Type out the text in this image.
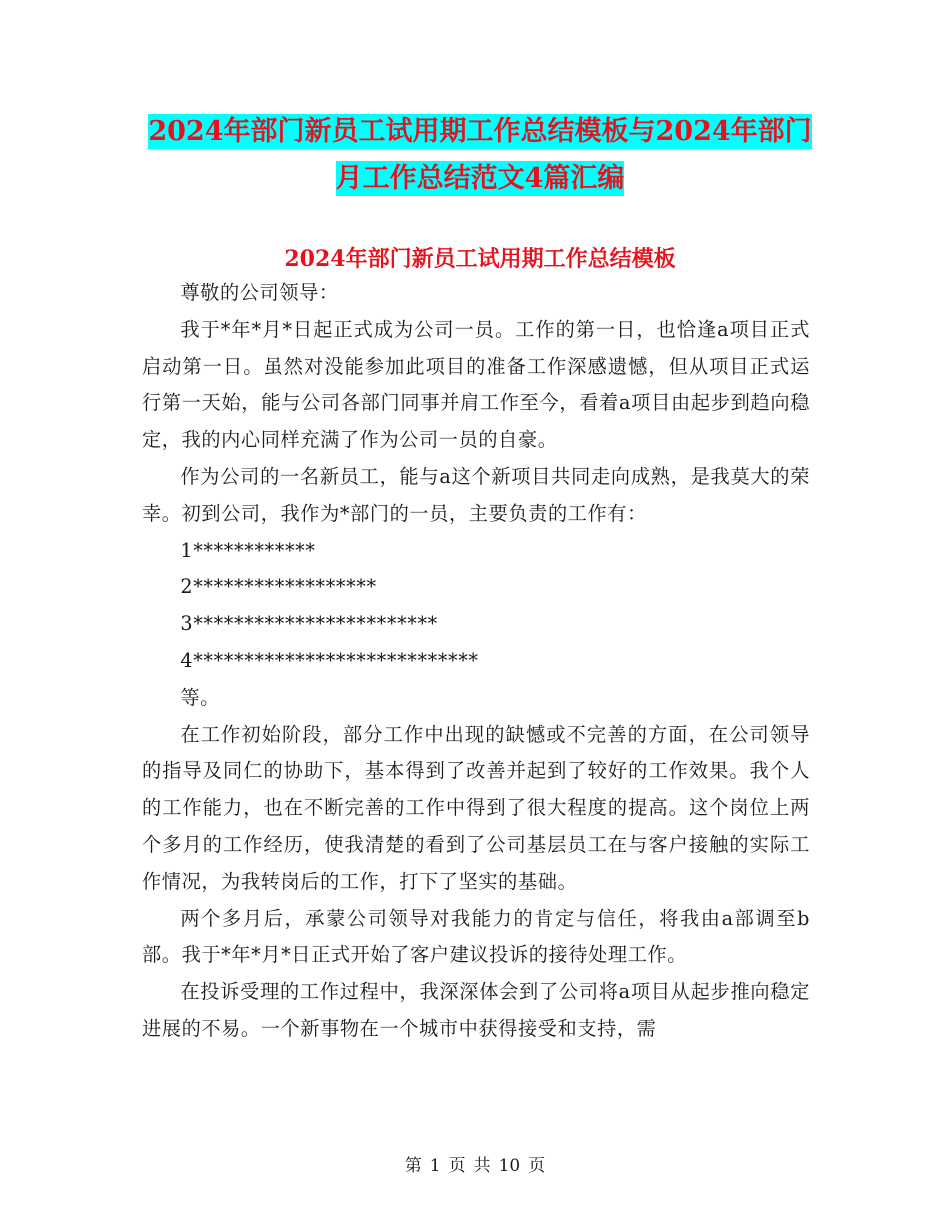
2024年部门新员工试用期工作总结模板与2024年部门
月工作总结范文4篇汇编
2024年部门新员工试用期工作总结模板

尊敬的公司领导：

我于*年*月*日起正式成为公司一员。工作的第一日，也恰逢a项目正式启动第一日。虽然对没能参加此项目的准备工作深感遗憾，但从项目正式运行第一天始，能与公司各部门同事并肩工作至今，看着a项目由起步到趋向稳定，我的内心同样充满了作为公司一员的自豪。

作为公司的一名新员工，能与a这个新项目共同走向成熟，是我莫大的荣幸。初到公司，我作为*部门的一员，主要负责的工作有：

1************

2******************

3************************

4****************************

等。

在工作初始阶段，部分工作中出现的缺憾或不完善的方面，在公司领导的指导及同仁的协助下，基本得到了改善并起到了较好的工作效果。我个人的工作能力，也在不断完善的工作中得到了很大程度的提高。这个岗位上两个多月的工作经历，使我清楚的看到了公司基层员工在与客户接触的实际工作情况，为我转岗后的工作，打下了坚实的基础。

两个多月后，承蒙公司领导对我能力的肯定与信任，将我由a部调至b部。我于*年*月*日正式开始了客户建议投诉的接待处理工作。

在投诉受理的工作过程中，我深深体会到了公司将a项目从起步推向稳定进展的不易。一个新事物在一个城市中获得接受和支持，需

第 1 页 共 10 页
